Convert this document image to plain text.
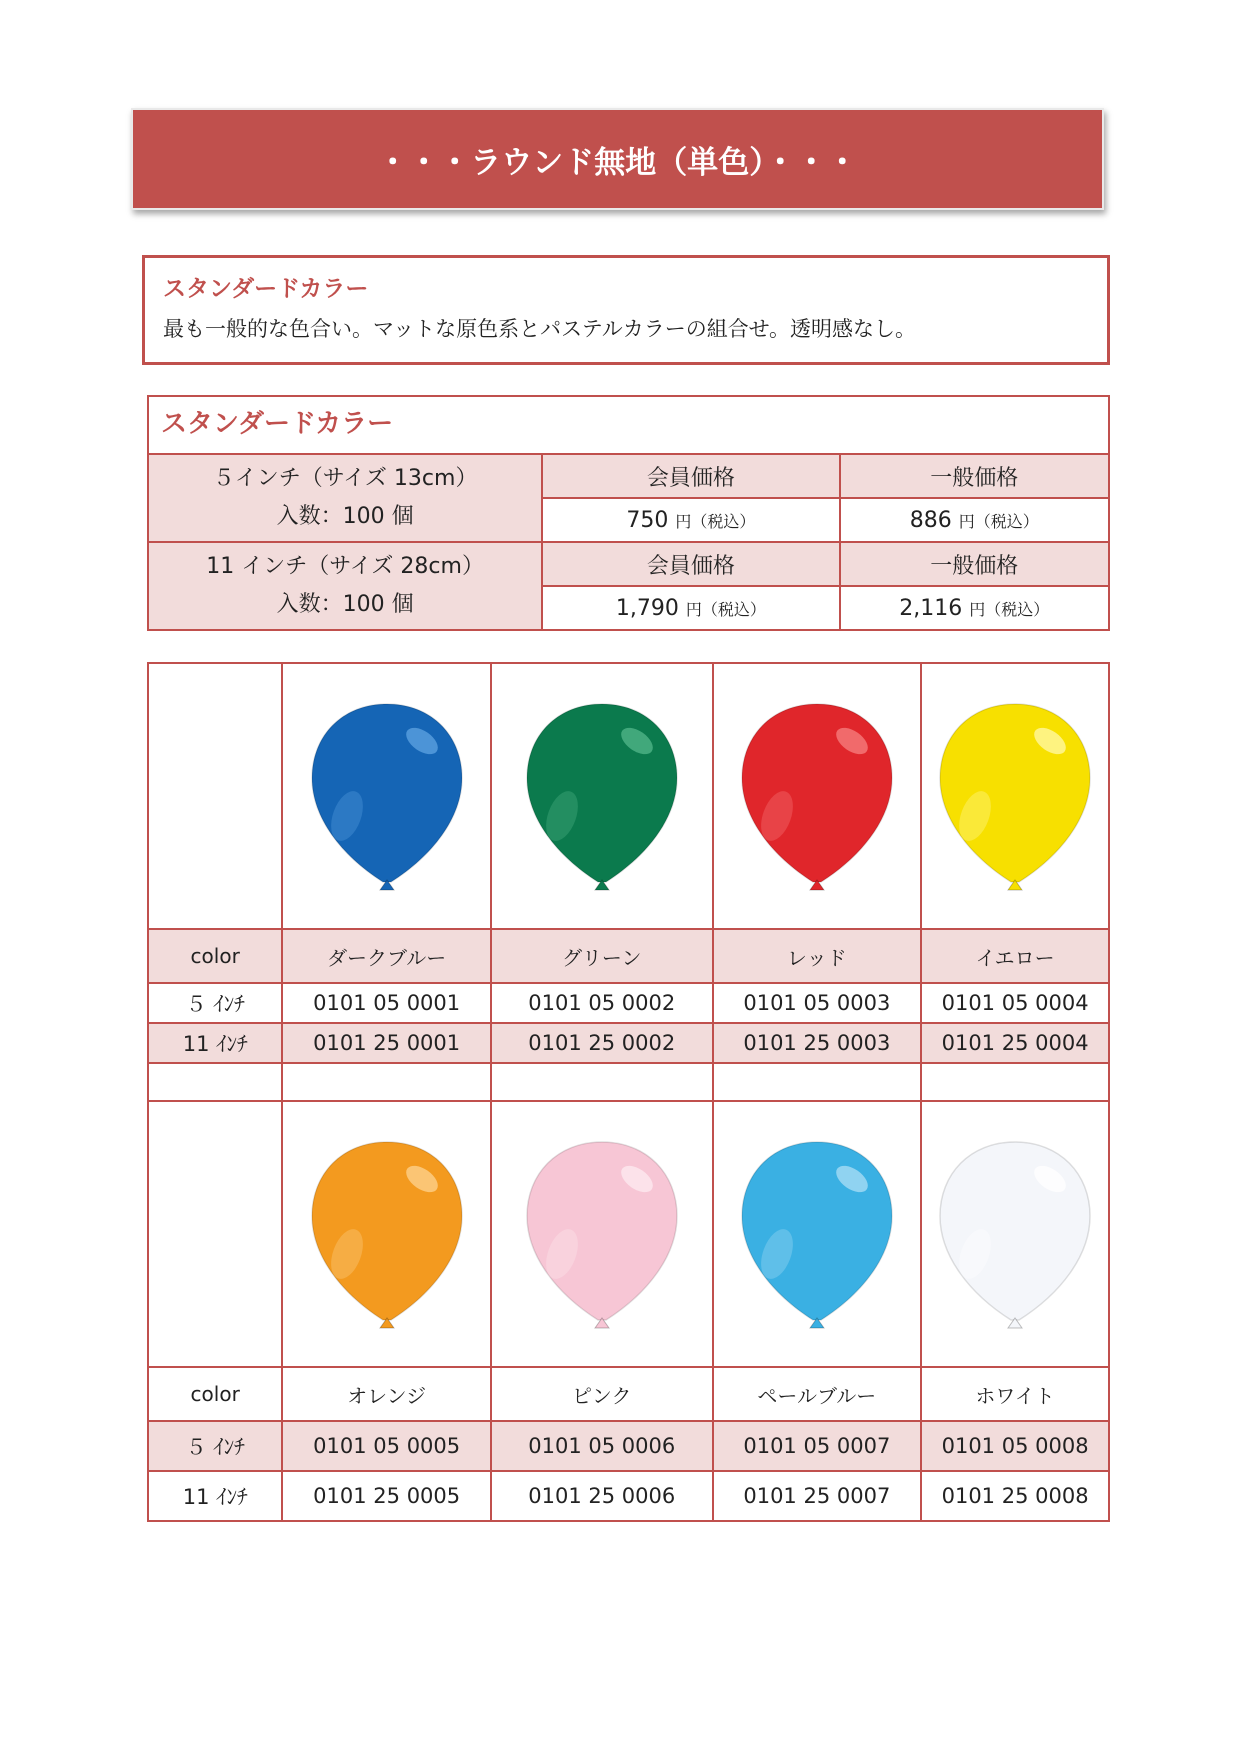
・・・ラウンド無地（単色）・・・
スタンダードカラー
最も一般的な色合い。マットな原色系とパステルカラーの組合せ。透明感なし。
スタンダードカラー		

５インチ（サイズ 13cm）
入数：100 個	会員価格	一般価格
	750 円（税込）	886 円（税込）

11 インチ（サイズ 28cm）
入数：100 個	会員価格	一般価格
	1,790 円（税込）	2,116 円（税込）

color	ダークブルー	グリーン	レッド	イエロー
５ ｲﾝﾁ	0101 05 0001	0101 05 0002	0101 05 0003	0101 05 0004
11 ｲﾝﾁ	0101 25 0001	0101 25 0002	0101 25 0003	0101 25 0004

color	オレンジ	ピンク	ペールブルー	ホワイト
５ ｲﾝﾁ	0101 05 0005	0101 05 0006	0101 05 0007	0101 05 0008
11 ｲﾝﾁ	0101 25 0005	0101 25 0006	0101 25 0007	0101 25 0008
